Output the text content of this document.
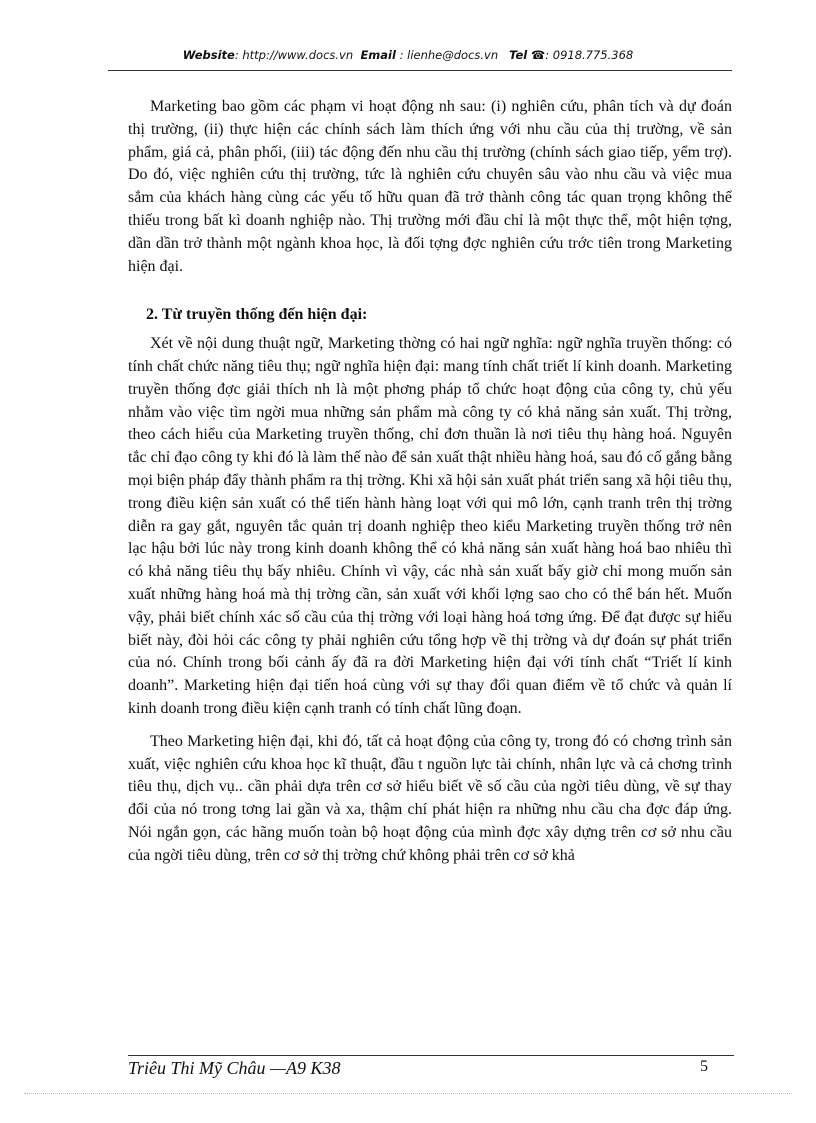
Website: http://www.docs.vn Email : lienhe@docs.vn Tel ☎: 0918.775.368

Marketing bao gồm các phạm vi hoạt động nh sau: (i) nghiên cứu, phân tích và dự đoán thị trường, (ii) thực hiện các chính sách làm thích ứng với nhu cầu của thị trường, về sản phẩm, giá cả, phân phối, (iii) tác động đến nhu cầu thị trường (chính sách giao tiếp, yểm trợ). Do đó, việc nghiên cứu thị trường, tức là nghiên cứu chuyên sâu vào nhu cầu và việc mua sắm của khách hàng cùng các yếu tố hữu quan đã trở thành công tác quan trọng không thể thiếu trong bất kì doanh nghiệp nào. Thị trường mới đầu chỉ là một thực thể, một hiện tợng, dần dần trở thành một ngành khoa học, là đối tợng đợc nghiên cứu trớc tiên trong Marketing hiện đại.

2. Từ truyền thống đến hiện đại:

Xét về nội dung thuật ngữ, Marketing thờng có hai ngữ nghĩa: ngữ nghĩa truyền thống: có tính chất chức năng tiêu thụ; ngữ nghĩa hiện đại: mang tính chất triết lí kinh doanh. Marketing truyền thống đợc giải thích nh là một phơng pháp tổ chức hoạt động của công ty, chủ yếu nhằm vào việc tìm ngời mua những sản phẩm mà công ty có khả năng sản xuất. Thị trờng, theo cách hiểu của Marketing truyền thống, chỉ đơn thuần là nơi tiêu thụ hàng hoá. Nguyên tắc chỉ đạo công ty khi đó là làm thế nào để sản xuất thật nhiều hàng hoá, sau đó cố gắng bằng mọi biện pháp đẩy thành phẩm ra thị trờng. Khi xã hội sản xuất phát triển sang xã hội tiêu thụ, trong điều kiện sản xuất có thể tiến hành hàng loạt với qui mô lớn, cạnh tranh trên thị trờng diễn ra gay gắt, nguyên tắc quản trị doanh nghiệp theo kiểu Marketing truyền thống trở nên lạc hậu bởi lúc này trong kinh doanh không thể có khả năng sản xuất hàng hoá bao nhiêu thì có khả năng tiêu thụ bấy nhiêu. Chính vì vậy, các nhà sản xuất bấy giờ chỉ mong muốn sản xuất những hàng hoá mà thị trờng cần, sản xuất với khối lợng sao cho có thể bán hết. Muốn vậy, phải biết chính xác số cầu của thị trờng với loại hàng hoá tơng ứng. Để đạt được sự hiểu biết này, đòi hỏi các công ty phải nghiên cứu tổng hợp về thị trờng và dự đoán sự phát triển của nó. Chính trong bối cảnh ấy đã ra đời Marketing hiện đại với tính chất “Triết lí kinh doanh”. Marketing hiện đại tiến hoá cùng với sự thay đổi quan điểm về tổ chức và quản lí kinh doanh trong điều kiện cạnh tranh có tính chất lũng đoạn.

Theo Marketing hiện đại, khi đó, tất cả hoạt động của công ty, trong đó có chơng trình sản xuất, việc nghiên cứu khoa học kĩ thuật, đầu t nguồn lực tài chính, nhân lực và cả chơng trình tiêu thụ, dịch vụ.. cần phải dựa trên cơ sở hiểu biết về số cầu của ngời tiêu dùng, về sự thay đổi của nó trong tơng lai gần và xa, thậm chí phát hiện ra những nhu cầu cha đợc đáp ứng. Nói ngắn gọn, các hãng muốn toàn bộ hoạt động của mình đợc xây dựng trên cơ sở nhu cầu của ngời tiêu dùng, trên cơ sở thị trờng chứ không phải trên cơ sở khả

Triêu Thi Mỹ Châu —A9 K38	5
